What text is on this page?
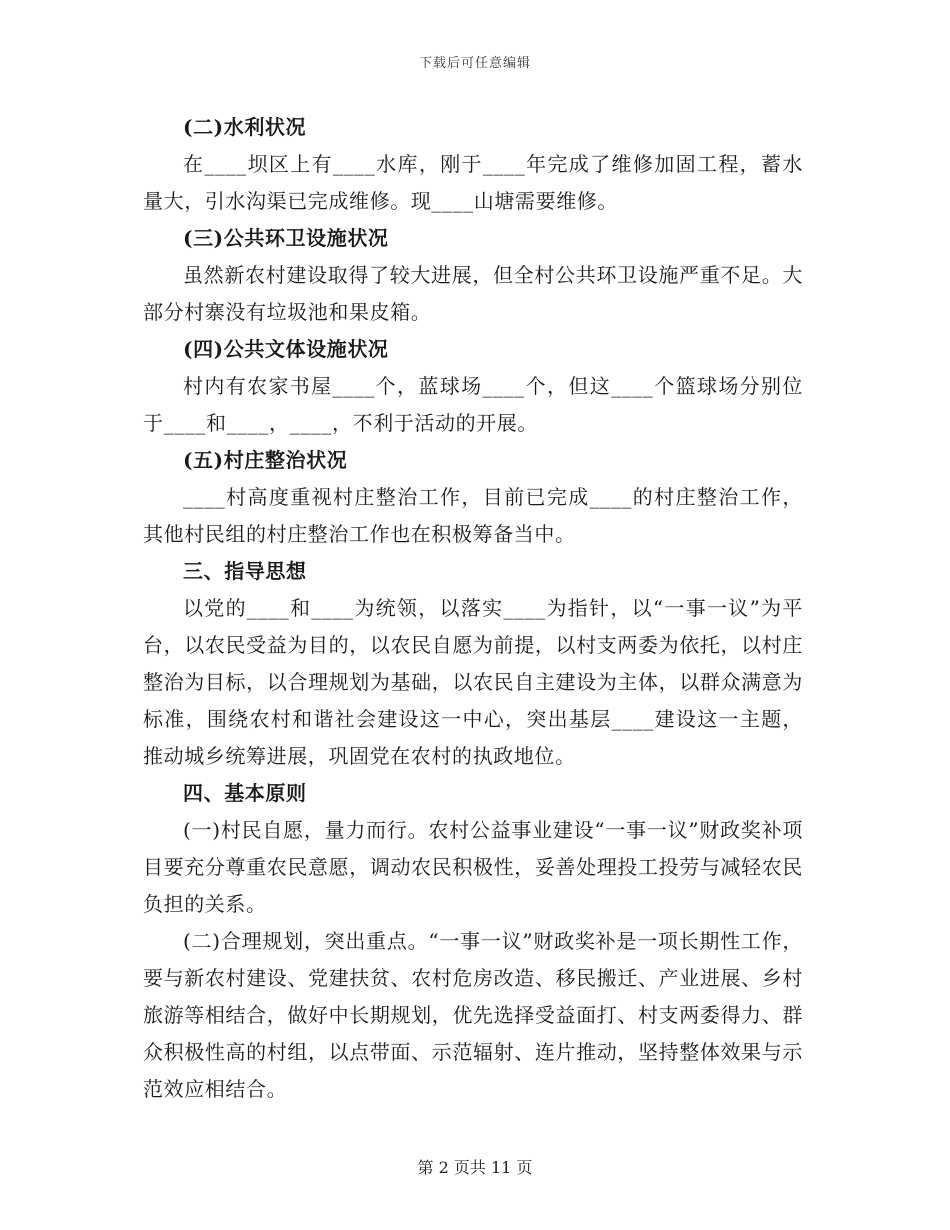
下载后可任意编辑
(二)水利状况
在____坝区上有____水库，刚于____年完成了维修加固工程，蓄水量大，引水沟渠已完成维修。现____山塘需要维修。
(三)公共环卫设施状况
虽然新农村建设取得了较大进展，但全村公共环卫设施严重不足。大部分村寨没有垃圾池和果皮箱。
(四)公共文体设施状况
村内有农家书屋____个，蓝球场____个，但这____个篮球场分别位于____和____，____，不利于活动的开展。
(五)村庄整治状况
____村高度重视村庄整治工作，目前已完成____的村庄整治工作，其他村民组的村庄整治工作也在积极筹备当中。
三、指导思想
以党的____和____为统领，以落实____为指针，以“一事一议”为平台，以农民受益为目的，以农民自愿为前提，以村支两委为依托，以村庄整治为目标，以合理规划为基础，以农民自主建设为主体，以群众满意为标准，围绕农村和谐社会建设这一中心，突出基层____建设这一主题，推动城乡统筹进展，巩固党在农村的执政地位。
四、基本原则
(一)村民自愿，量力而行。农村公益事业建设“一事一议”财政奖补项目要充分尊重农民意愿，调动农民积极性，妥善处理投工投劳与减轻农民负担的关系。
(二)合理规划，突出重点。“一事一议”财政奖补是一项长期性工作，要与新农村建设、党建扶贫、农村危房改造、移民搬迁、产业进展、乡村旅游等相结合，做好中长期规划，优先选择受益面打、村支两委得力、群众积极性高的村组，以点带面、示范辐射、连片推动，坚持整体效果与示范效应相结合。
第 2 页共 11 页
